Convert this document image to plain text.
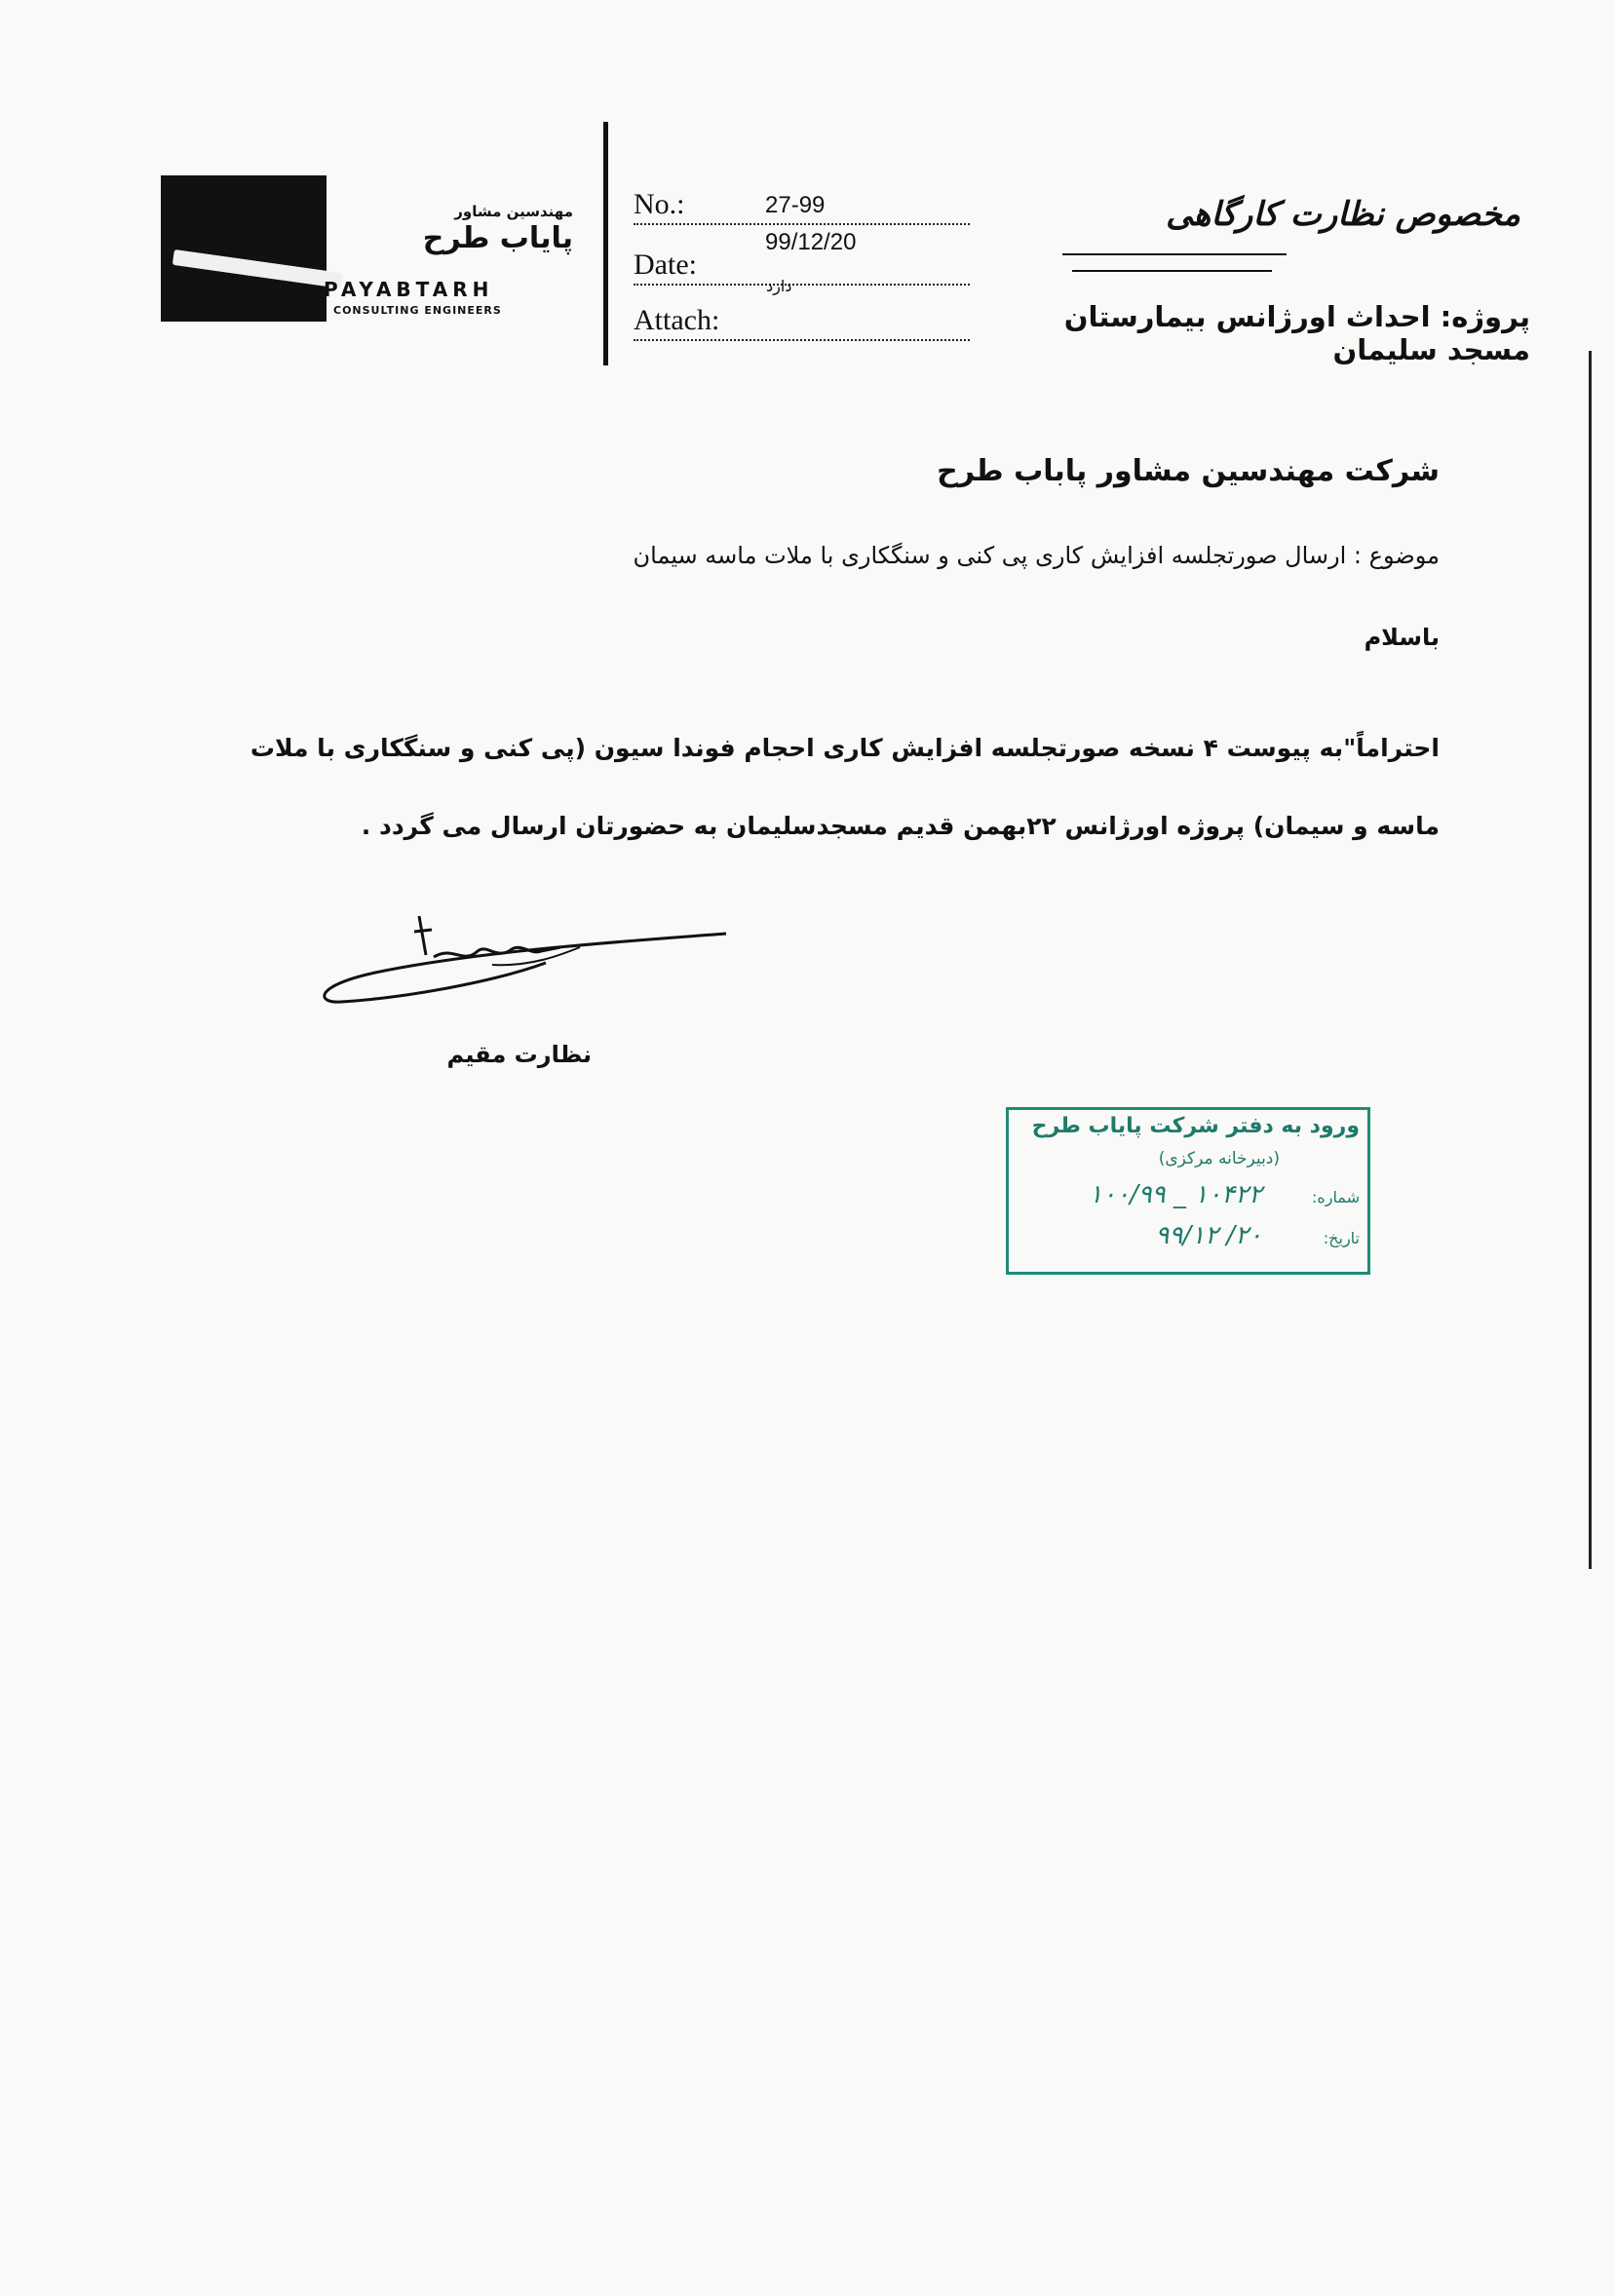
مهندسین مشاور
پایاب طرح
PAYABTARH
CONSULTING ENGINEERS
No.:	27-99
Date:
99/12/20
دارد
Attach:
مخصوص نظارت کارگاهی
پروژه: احداث اورژانس بیمارستان مسجد سلیمان
شرکت مهندسین مشاور پاباب طرح
موضوع : ارسال صورتجلسه افزایش کاری پی کنی و سنگکاری با ملات ماسه سیمان
باسلام
احتراماً"به پیوست ۴ نسخه صورتجلسه افزایش کاری احجام فوندا سیون (پی کنی و سنگکاری با ملات ماسه و سیمان) پروژه اورژانس ۲۲بهمن قدیم مسجدسلیمان به حضورتان ارسال می گردد .
نظارت مقیم
ورود به دفتر شرکت پایاب طرح
(دبیرخانه مرکزی)
شماره:
۱۰۰/۹۹ _ ۱۰۴۲۲
تاریخ:
۹۹/۱۲ /۲۰
